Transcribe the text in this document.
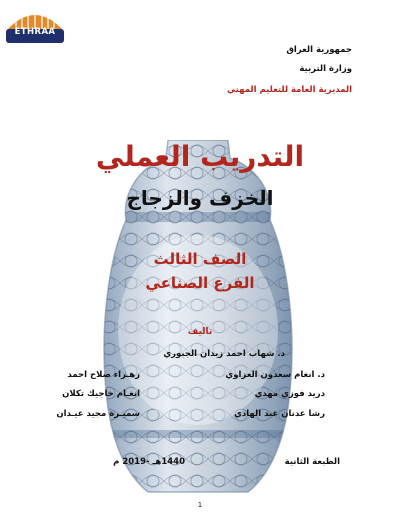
ETHRAA
جمهورية العراق
وزارة التربية
المديرية العامة للتعليم المهني
التدريب العملي
الخزف والزجاج
الصف الثالث
الفرع الصناعي
تاليف
د. شهاب احمد زيدان الجبوري
د. انغام سعدون العزاوي
دريد فوزي مهدي
رشا عدنان عبد الهادي
زهـراء صلاح احمد
انغـام خاجيك تكلان
سميـرة مجيد عيـدان
الطبعة الثانية
1440هـ -2019 م
1
